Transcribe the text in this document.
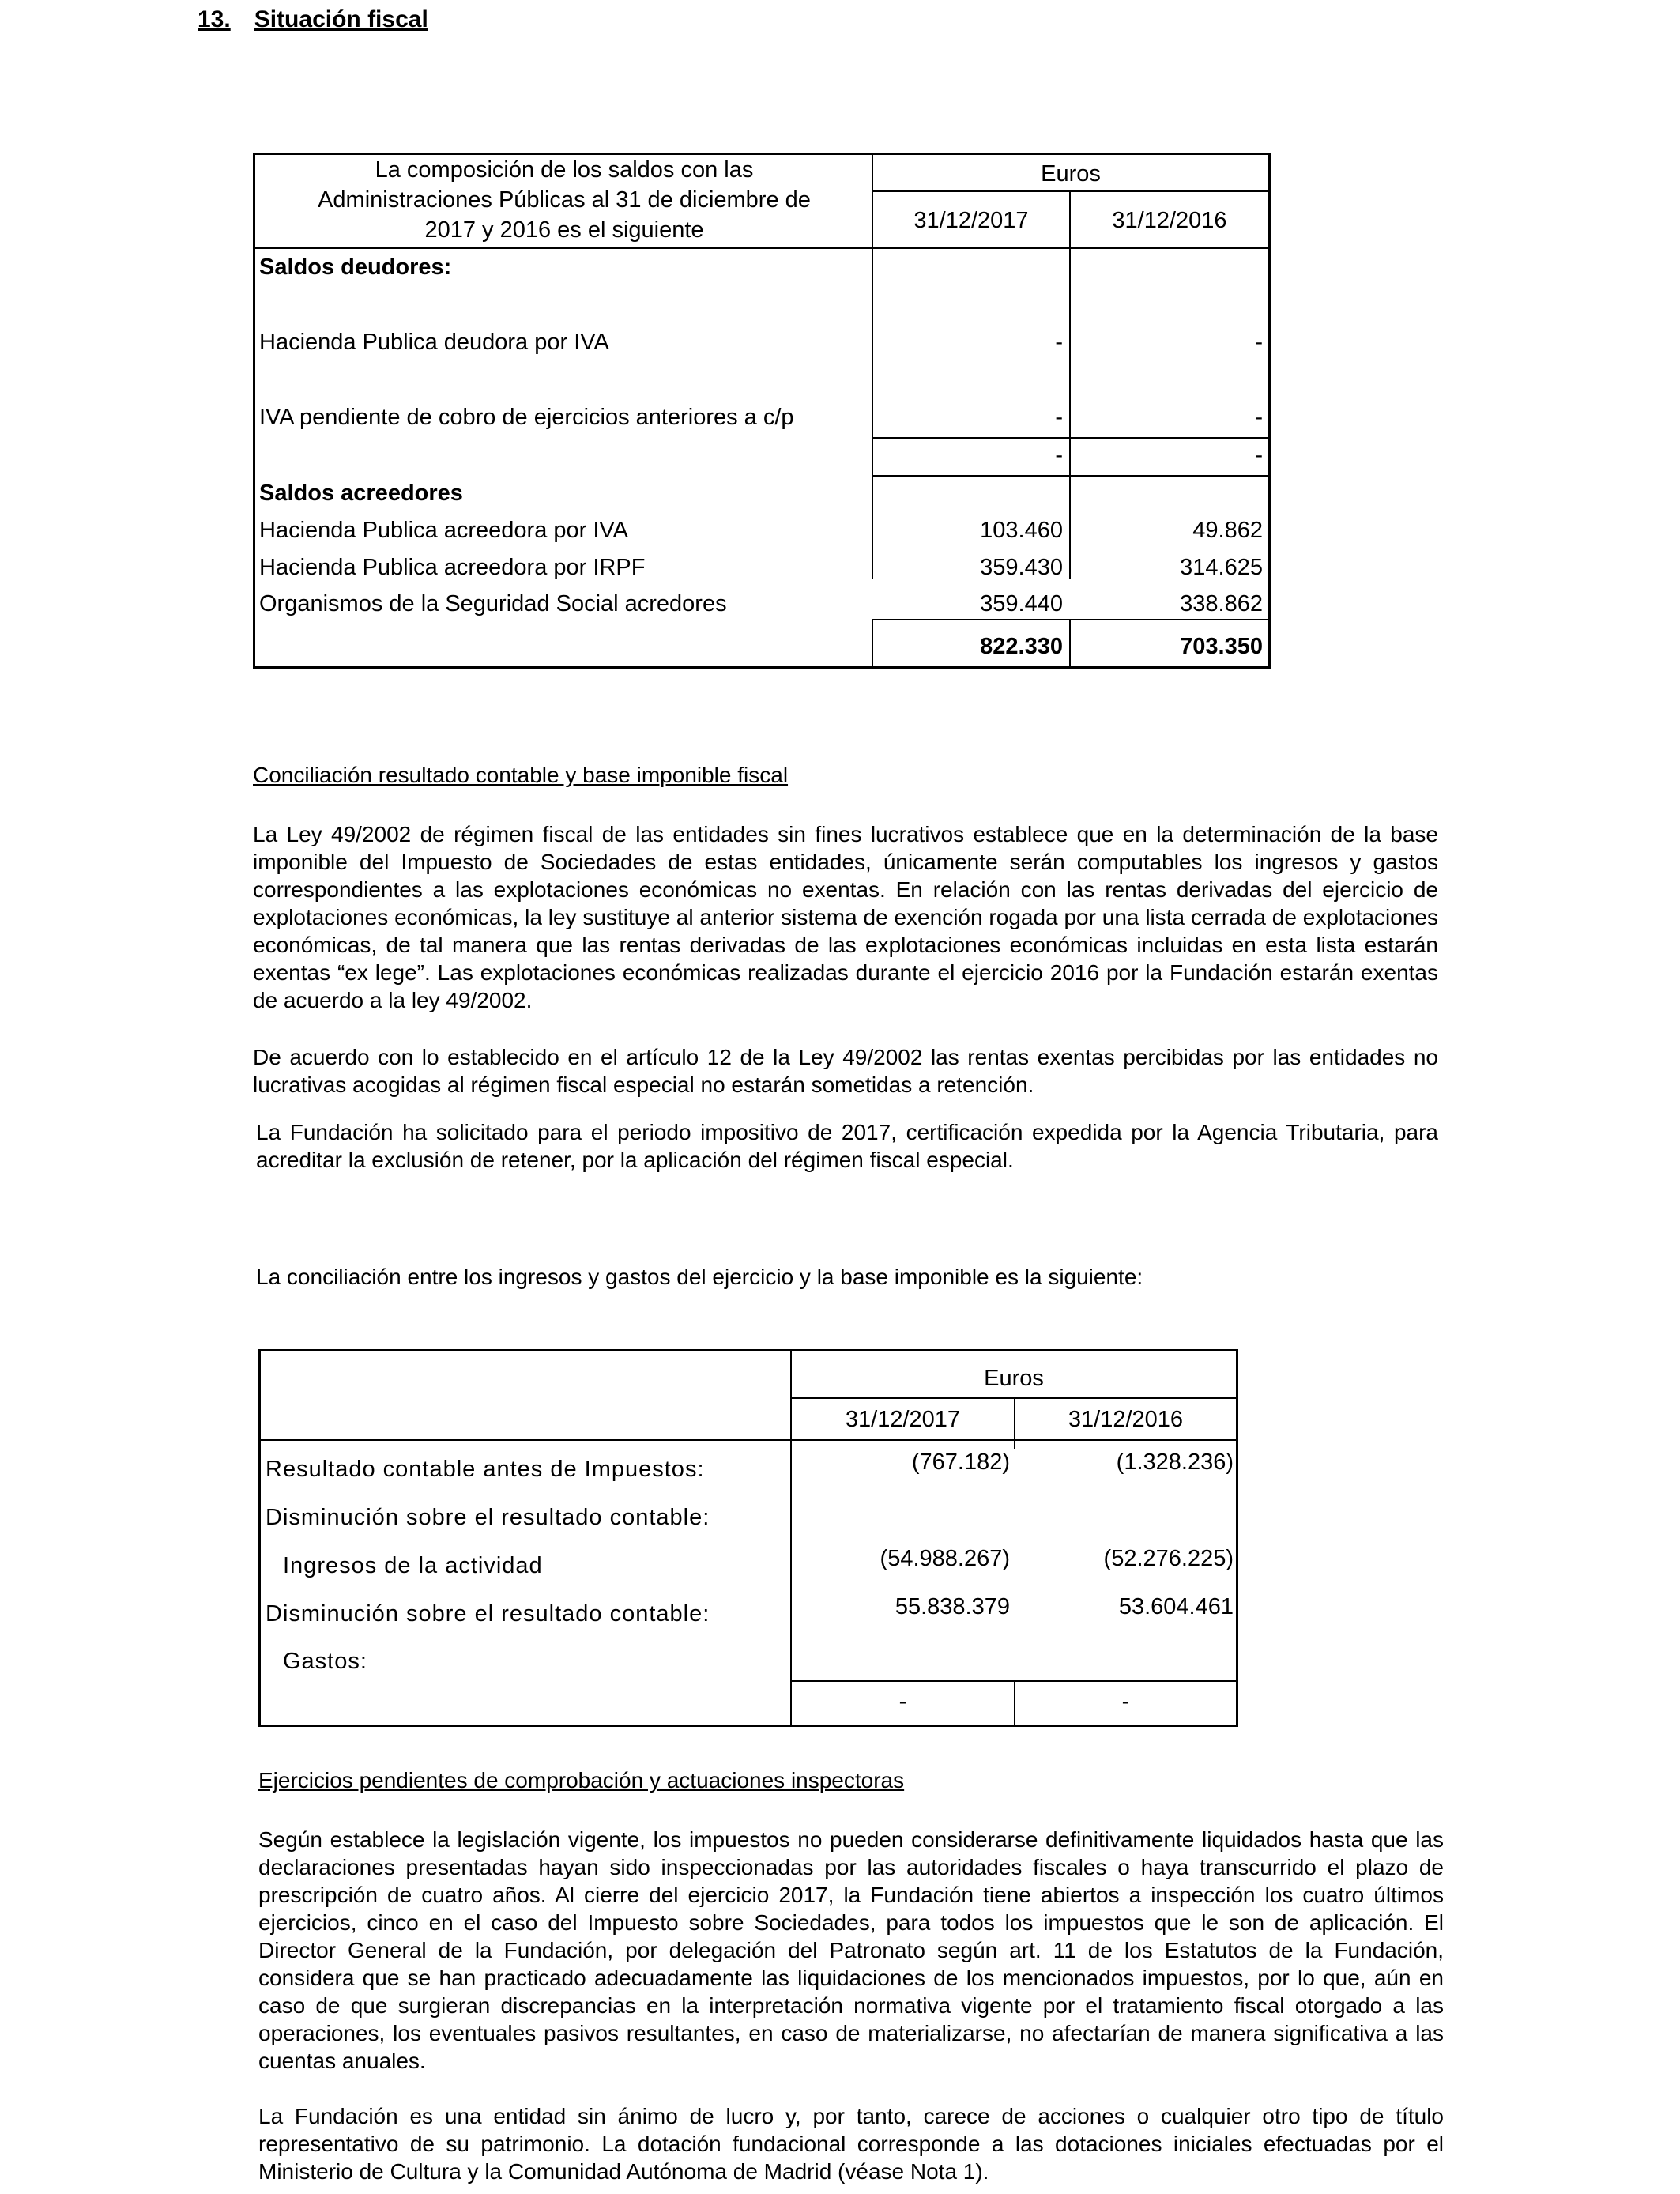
13. Situación fiscal
La composición de los saldos con las
Administraciones Públicas al 31 de diciembre de
2017 y 2016 es el siguiente
Euros
31/12/2017	31/12/2016
Saldos deudores:
Hacienda Publica deudora por IVA	-	-
IVA pendiente de cobro de ejercicios anteriores a c/p	-	-
-	-
Saldos acreedores
Hacienda Publica acreedora por IVA	103.460	49.862
Hacienda Publica acreedora por IRPF	359.430	314.625
Organismos de la Seguridad Social acredores	359.440	338.862
822.330	703.350
Conciliación resultado contable y base imponible fiscal
La Ley 49/2002 de régimen fiscal de las entidades sin fines lucrativos establece que en la determinación de la base imponible del Impuesto de Sociedades de estas entidades, únicamente serán computables los ingresos y gastos correspondientes a las explotaciones económicas no exentas. En relación con las rentas derivadas del ejercicio de explotaciones económicas, la ley sustituye al anterior sistema de exención rogada por una lista cerrada de explotaciones económicas, de tal manera que las rentas derivadas de las explotaciones económicas incluidas en esta lista estarán exentas “ex lege”. Las explotaciones económicas realizadas durante el ejercicio 2016 por la Fundación estarán exentas de acuerdo a la ley 49/2002.
De acuerdo con lo establecido en el artículo 12 de la Ley 49/2002 las rentas exentas percibidas por las entidades no lucrativas acogidas al régimen fiscal especial no estarán sometidas a retención.
La Fundación ha solicitado para el periodo impositivo de 2017, certificación expedida por la Agencia Tributaria, para acreditar la exclusión de retener, por la aplicación del régimen fiscal especial.
La conciliación entre los ingresos y gastos del ejercicio y la base imponible es la siguiente:
Euros
31/12/2017	31/12/2016
Resultado contable antes de Impuestos:	(767.182)	(1.328.236)
Disminución sobre el resultado contable:
Ingresos de la actividad	(54.988.267)	(52.276.225)
Disminución sobre el resultado contable:	55.838.379	53.604.461
Gastos:
-	-
Ejercicios pendientes de comprobación y actuaciones inspectoras
Según establece la legislación vigente, los impuestos no pueden considerarse definitivamente liquidados hasta que las declaraciones presentadas hayan sido inspeccionadas por las autoridades fiscales o haya transcurrido el plazo de prescripción de cuatro años. Al cierre del ejercicio 2017, la Fundación tiene abiertos a inspección los cuatro últimos ejercicios, cinco en el caso del Impuesto sobre Sociedades, para todos los impuestos que le son de aplicación. El Director General de la Fundación, por delegación del Patronato según art. 11 de los Estatutos de la Fundación, considera que se han practicado adecuadamente las liquidaciones de los mencionados impuestos, por lo que, aún en caso de que surgieran discrepancias en la interpretación normativa vigente por el tratamiento fiscal otorgado a las operaciones, los eventuales pasivos resultantes, en caso de materializarse, no afectarían de manera significativa a las cuentas anuales.
La Fundación es una entidad sin ánimo de lucro y, por tanto, carece de acciones o cualquier otro tipo de título representativo de su patrimonio. La dotación fundacional corresponde a las dotaciones iniciales efectuadas por el Ministerio de Cultura y la Comunidad Autónoma de Madrid (véase Nota 1).
